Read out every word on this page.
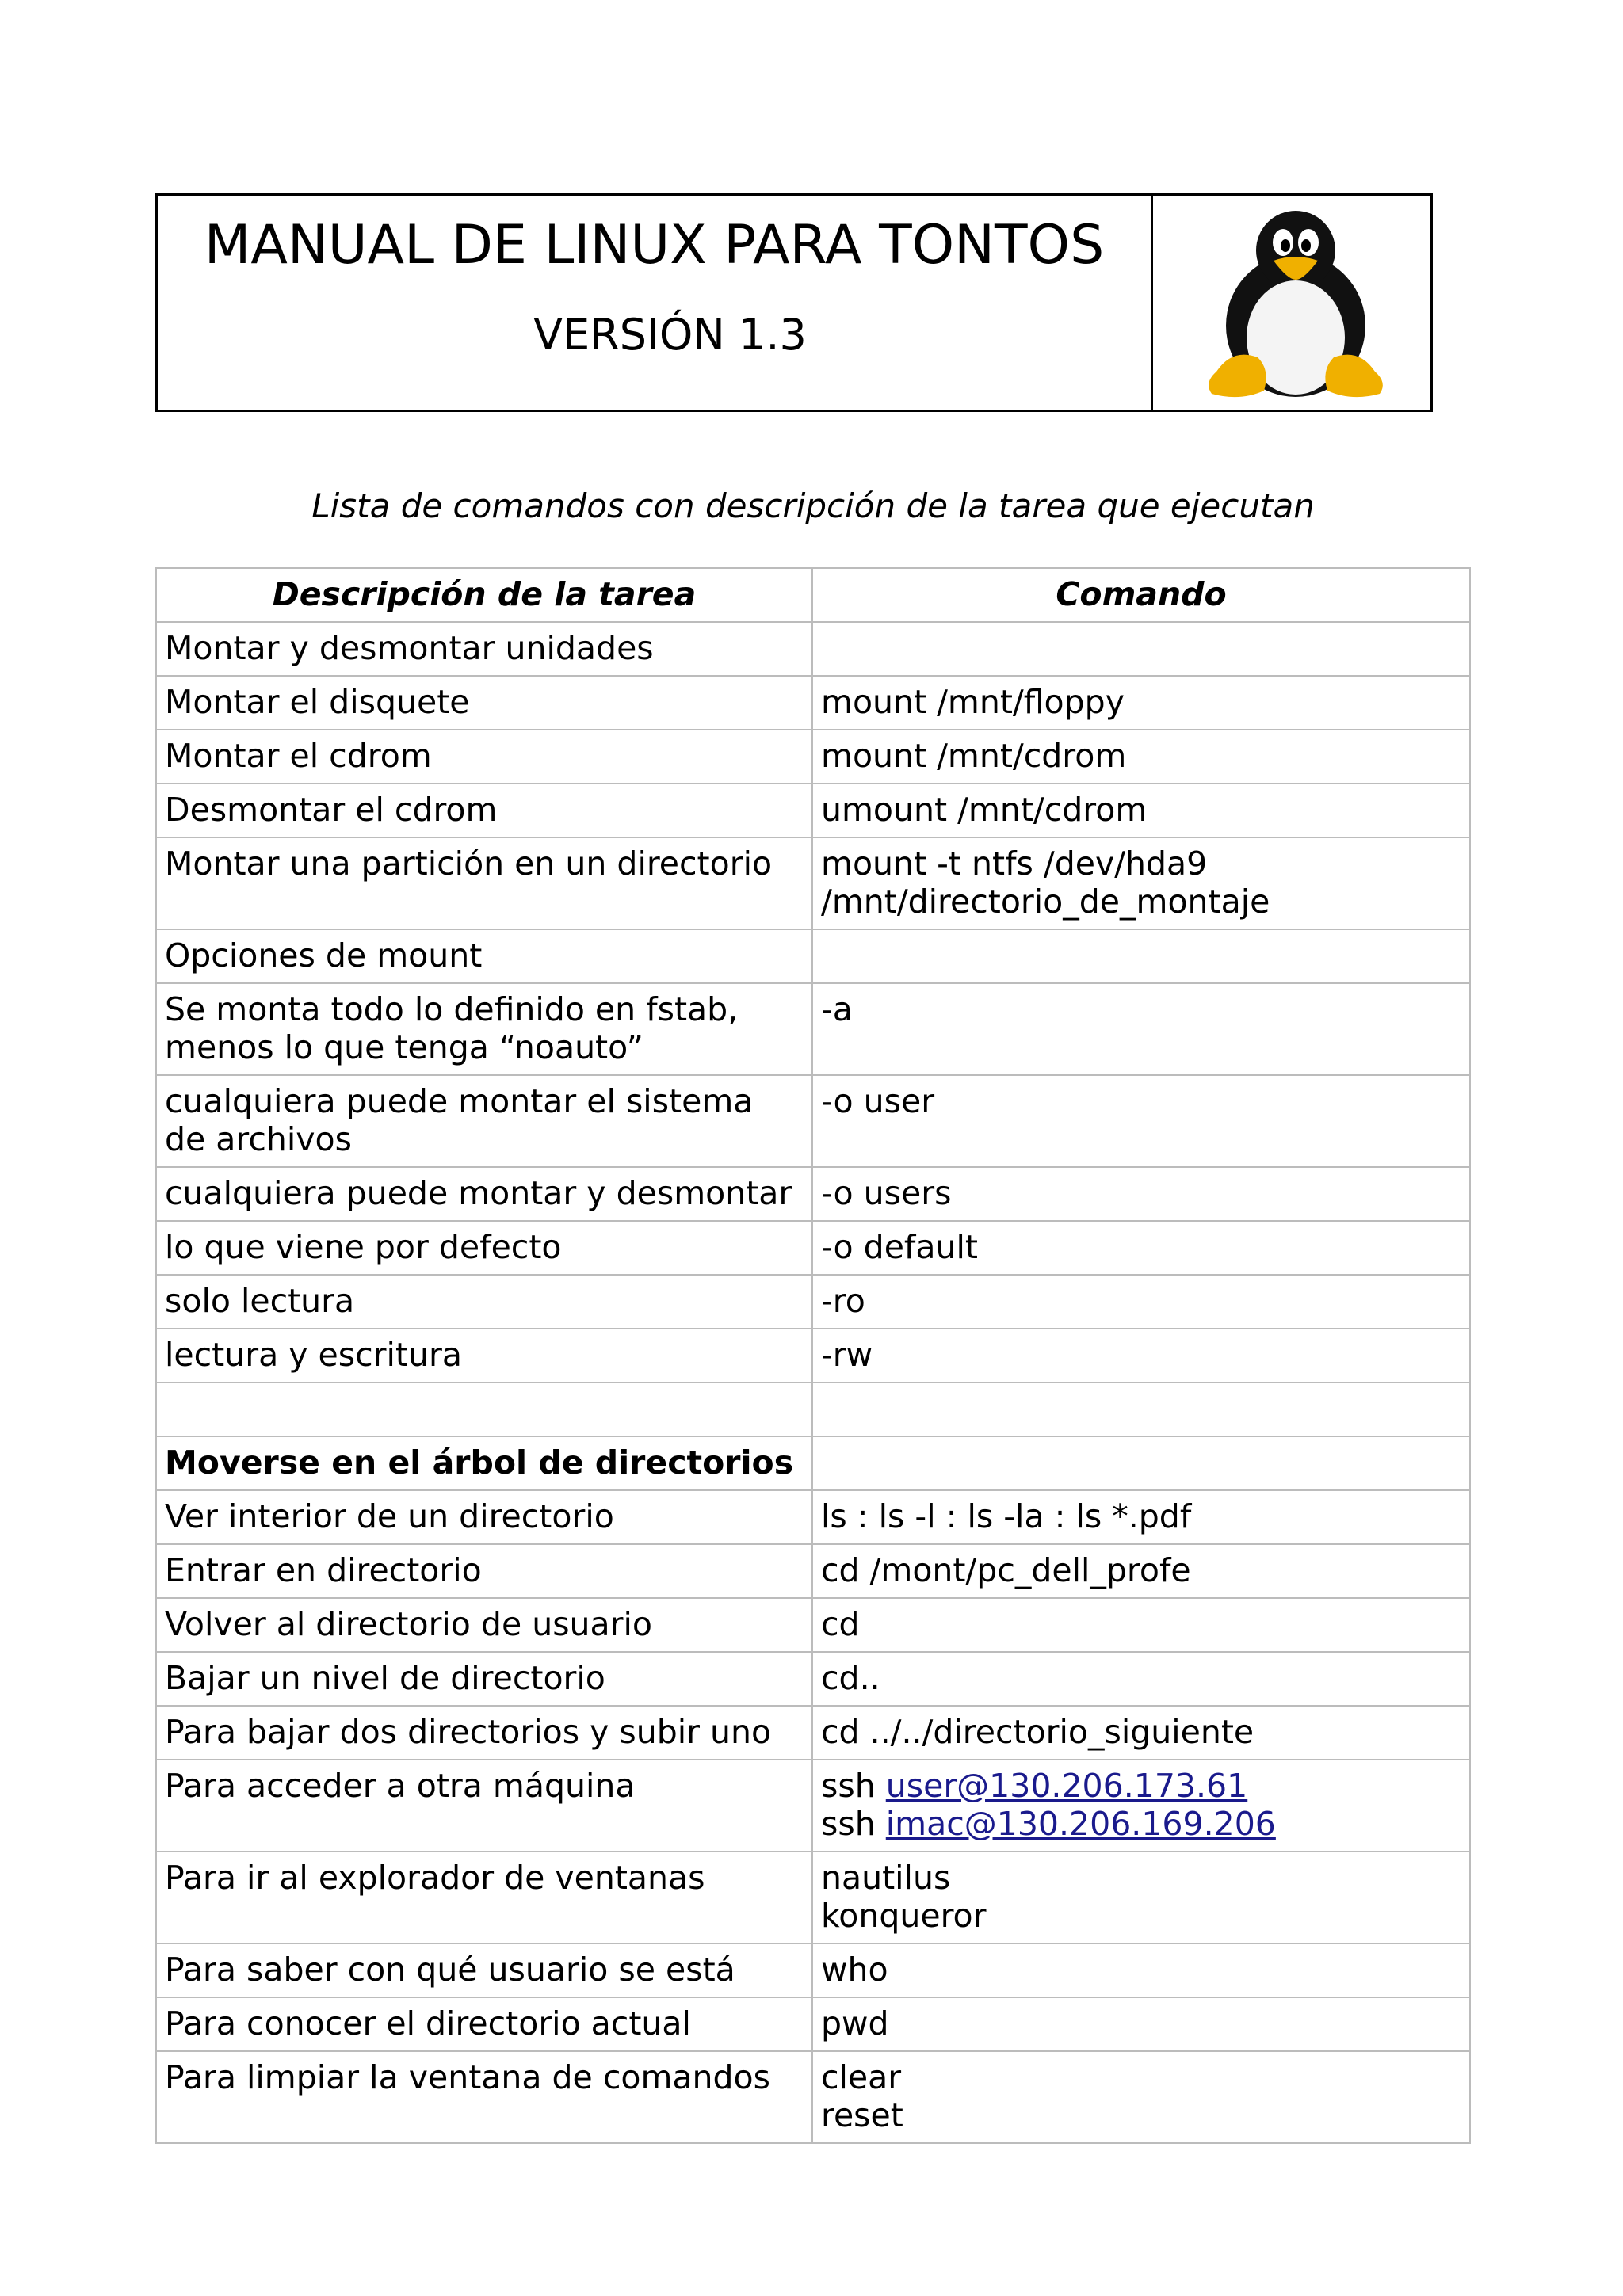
MANUAL DE LINUX PARA TONTOS
VERSIÓN 1.3
Lista de comandos con descripción de la tarea que ejecutan
Descripción de la tarea	Comando
Montar y desmontar unidades	

Montar el disquete	mount /mnt/floppy

Montar el cdrom	mount /mnt/cdrom

Desmontar el cdrom	umount /mnt/cdrom

Montar una partición en un directorio	mount -t ntfs /dev/hda9 /mnt/directorio_de_montaje

Opciones de mount	

Se monta todo lo definido en fstab, menos lo que tenga “noauto”	-a

cualquiera puede montar el sistema de archivos	-o user

cualquiera puede montar y desmontar	-o users

lo que viene por defecto	-o default

solo lectura	-ro

lectura y escritura	-rw

Moverse en el árbol de directorios	

Ver interior de un directorio	ls : ls -l : ls -la : ls *.pdf

Entrar en directorio	cd /mont/pc_dell_profe

Volver al directorio de usuario	cd

Bajar un nivel de directorio	cd..

Para bajar dos directorios y subir uno	cd ../../directorio_siguiente

Para acceder a otra máquina	ssh user@130.206.173.61
ssh imac@130.206.169.206

Para ir al explorador de ventanas	nautilus
konqueror

Para saber con qué usuario se está	who

Para conocer el directorio actual	pwd

Para limpiar la ventana de comandos	clear
reset
